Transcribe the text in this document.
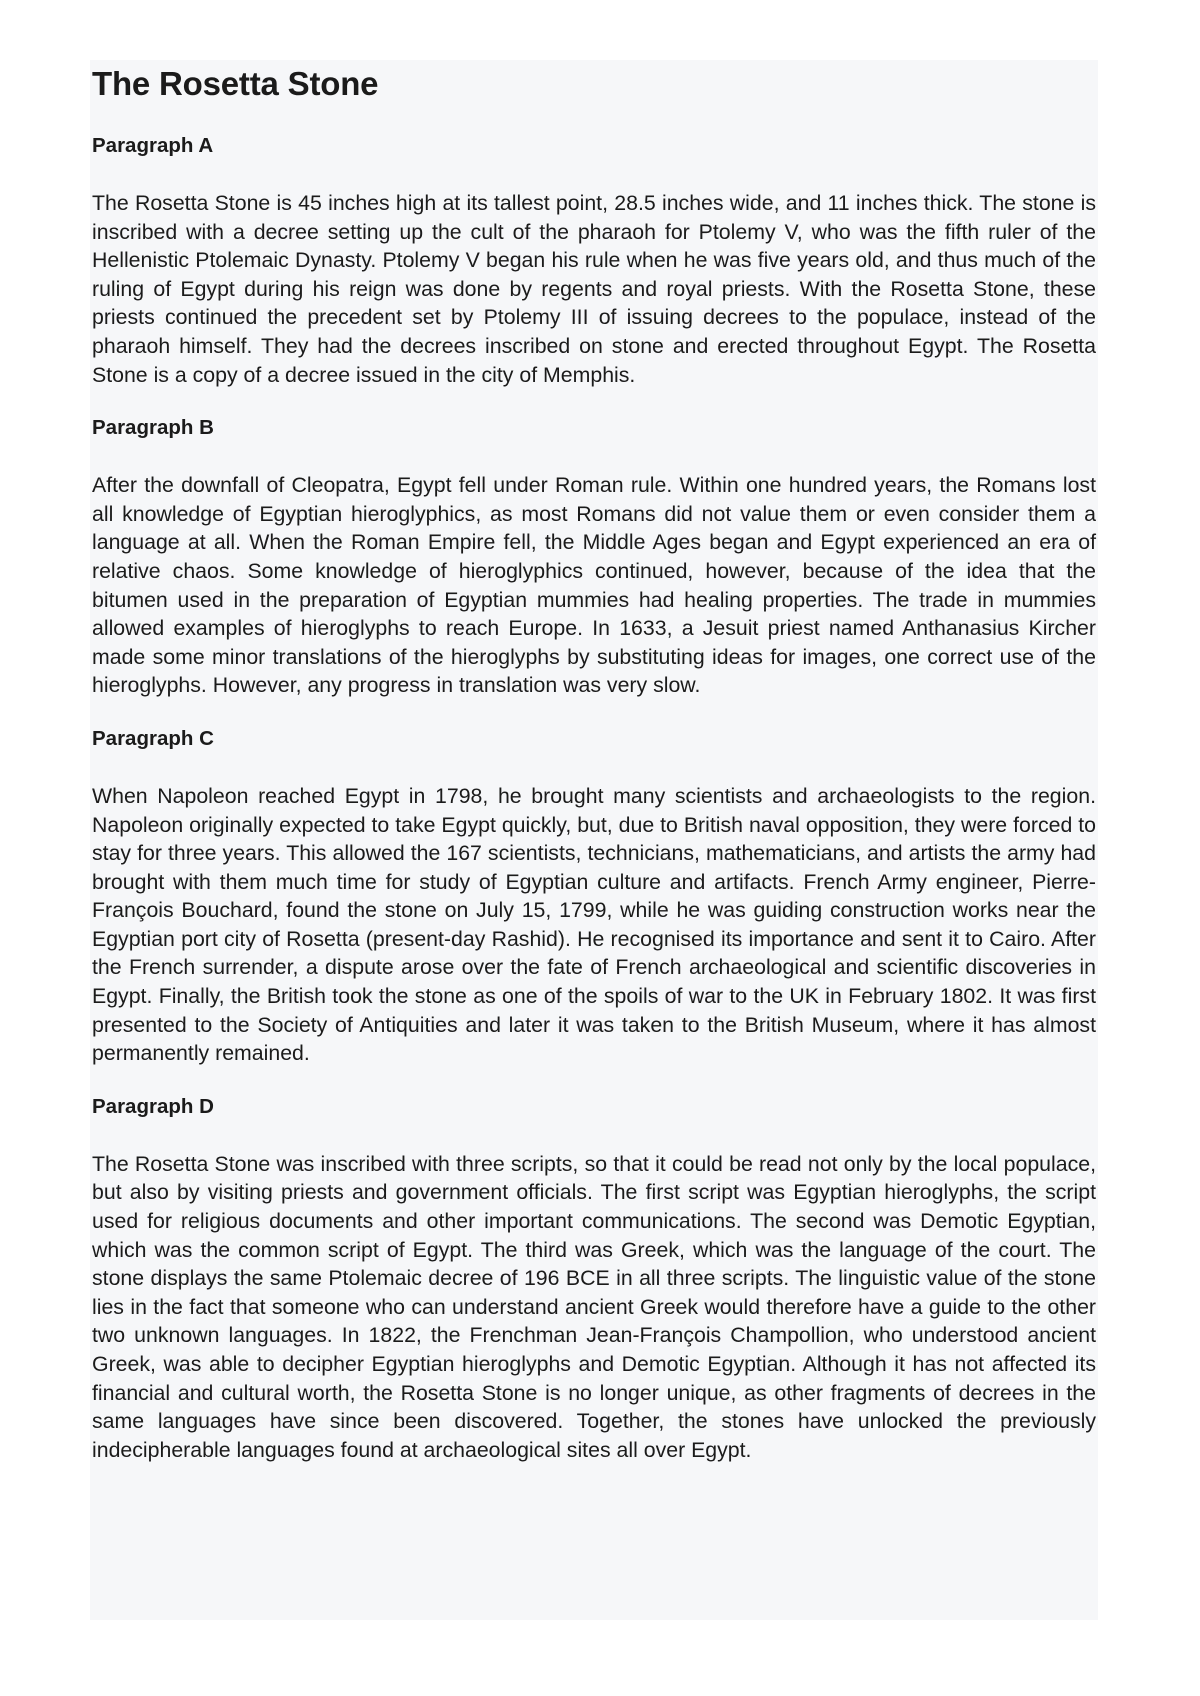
The Rosetta Stone
Paragraph A

The Rosetta Stone is 45 inches high at its tallest point, 28.5 inches wide, and 11 inches thick. The stone is inscribed with a decree setting up the cult of the pharaoh for Ptolemy V, who was the fifth ruler of the Hellenistic Ptolemaic Dynasty. Ptolemy V began his rule when he was five years old, and thus much of the ruling of Egypt during his reign was done by regents and royal priests. With the Rosetta Stone, these priests continued the precedent set by Ptolemy III of issuing decrees to the populace, instead of the pharaoh himself. They had the decrees inscribed on stone and erected throughout Egypt. The Rosetta Stone is a copy of a decree issued in the city of Memphis.

Paragraph B

After the downfall of Cleopatra, Egypt fell under Roman rule. Within one hundred years, the Romans lost all knowledge of Egyptian hieroglyphics, as most Romans did not value them or even consider them a language at all. When the Roman Empire fell, the Middle Ages began and Egypt experienced an era of relative chaos. Some knowledge of hieroglyphics continued, however, because of the idea that the bitumen used in the preparation of Egyptian mummies had healing properties. The trade in mummies allowed examples of hieroglyphs to reach Europe. In 1633, a Jesuit priest named Anthanasius Kircher made some minor translations of the hieroglyphs by substituting ideas for images, one correct use of the hieroglyphs. However, any progress in translation was very slow.

Paragraph C

When Napoleon reached Egypt in 1798, he brought many scientists and archaeologists to the region. Napoleon originally expected to take Egypt quickly, but, due to British naval opposition, they were forced to stay for three years. This allowed the 167 scientists, technicians, mathematicians, and artists the army had brought with them much time for study of Egyptian culture and artifacts. French Army engineer, Pierre-François Bouchard, found the stone on July 15, 1799, while he was guiding construction works near the Egyptian port city of Rosetta (present-day Rashid). He recognised its importance and sent it to Cairo. After the French surrender, a dispute arose over the fate of French archaeological and scientific discoveries in Egypt. Finally, the British took the stone as one of the spoils of war to the UK in February 1802. It was first presented to the Society of Antiquities and later it was taken to the British Museum, where it has almost permanently remained.

Paragraph D

The Rosetta Stone was inscribed with three scripts, so that it could be read not only by the local populace, but also by visiting priests and government officials. The first script was Egyptian hieroglyphs, the script used for religious documents and other important communications. The second was Demotic Egyptian, which was the common script of Egypt. The third was Greek, which was the language of the court. The stone displays the same Ptolemaic decree of 196 BCE in all three scripts. The linguistic value of the stone lies in the fact that someone who can understand ancient Greek would therefore have a guide to the other two unknown languages. In 1822, the Frenchman Jean-François Champollion, who understood ancient Greek, was able to decipher Egyptian hieroglyphs and Demotic Egyptian. Although it has not affected its financial and cultural worth, the Rosetta Stone is no longer unique, as other fragments of decrees in the same languages have since been discovered. Together, the stones have unlocked the previously indecipherable languages found at archaeological sites all over Egypt.
